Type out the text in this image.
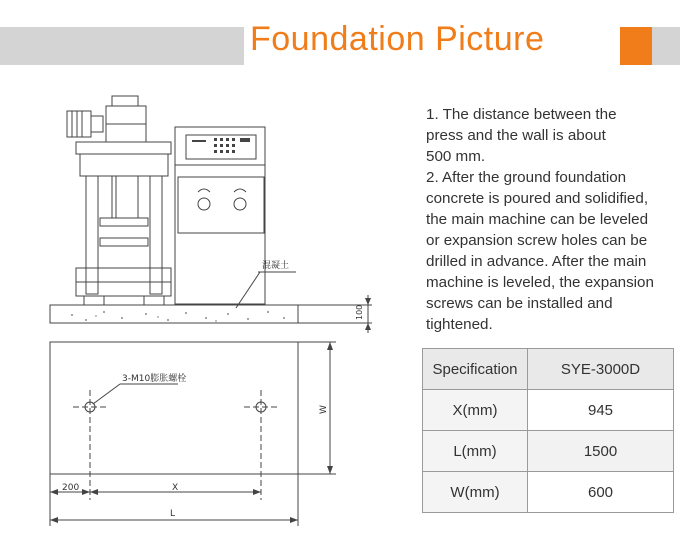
Foundation Picture
混凝土
100
3-M10膨胀螺栓
W
200	X
L
1. The distance between the
press and the wall is about
500 mm.
2. After the ground foundation
concrete is poured and solidified,
the main machine can be leveled
or expansion screw holes can be
drilled in advance. After the main
machine is leveled, the expansion
screws can be installed and
tightened.
Specification	SYE-3000D
X(mm)	945
L(mm)	1500
W(mm)	600
